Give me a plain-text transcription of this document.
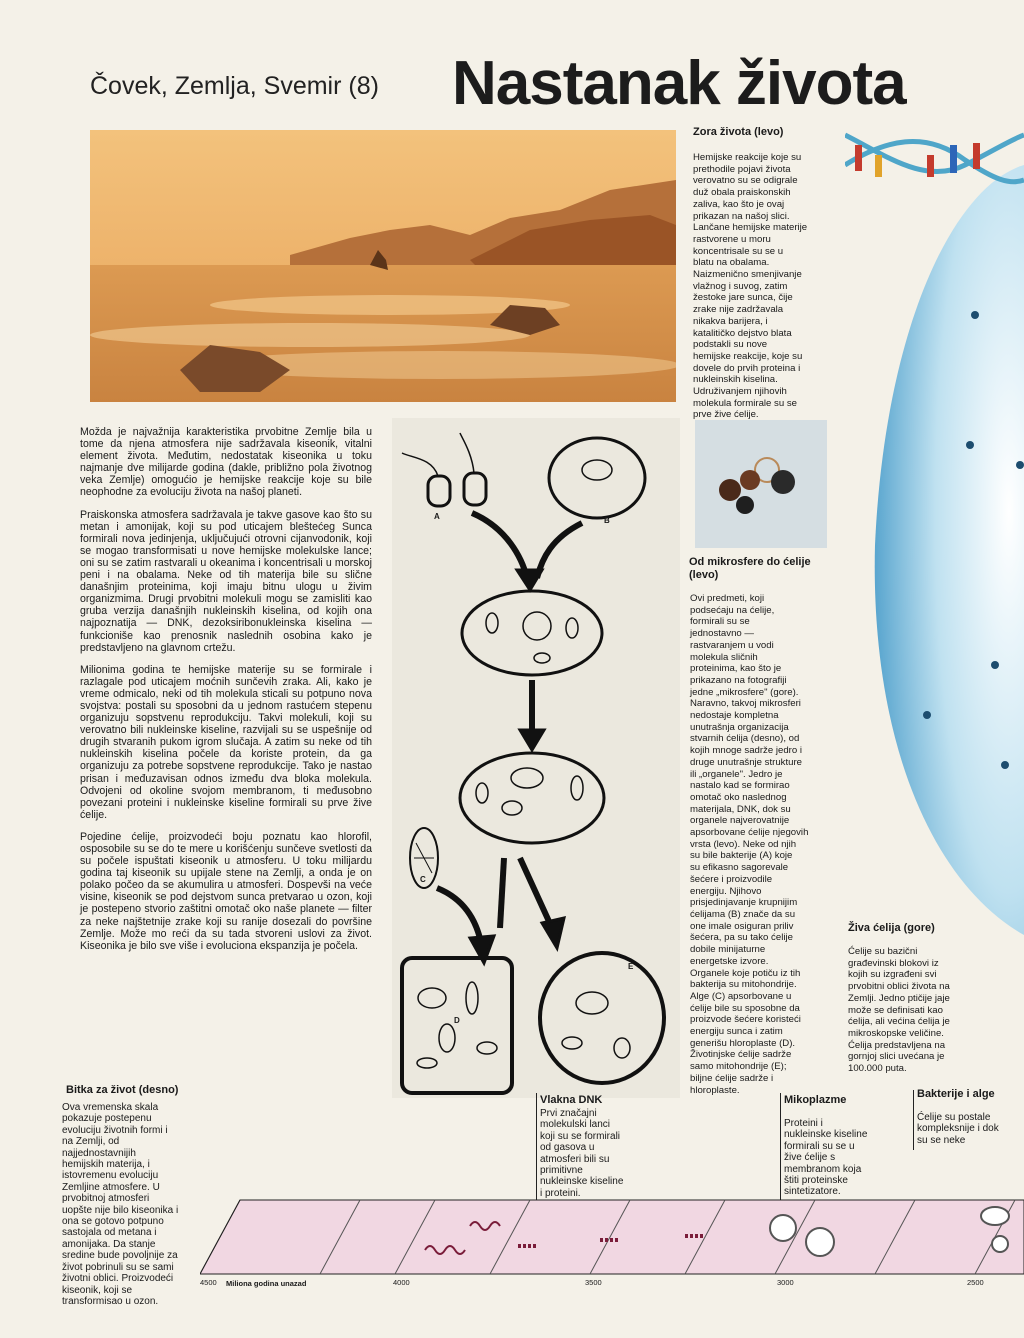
Čovek, Zemlja, Svemir (8) Nastanak života
Zora života (levo)
Hemijske reakcije koje su
prethodile pojavi života
verovatno su se odigrale
duž obala praiskonskih
zaliva, kao što je ovaj
prikazan na našoj slici.
Lančane hemijske materije
rastvorene u moru
koncentrisale su se u
blatu na obalama.
Naizmenično smenjivanje
vlažnog i suvog, zatim
žestoke jare sunca, čije
zrake nije zadržavala
nikakva barijera, i
katalitičko dejstvo blata
podstakli su nove
hemijske reakcije, koje su
dovele do prvih proteina i
nukleinskih kiselina.
Udruživanjem njihovih
molekula formirale su se
prve žive ćelije.

Možda je najvažnija karakteristika prvobitne Zemlje bila u tome da njena atmosfera nije sadržavala kiseonik, vitalni element života. Međutim, nedostatak kiseonika u toku najmanje dve milijarde godina (dakle, približno pola životnog veka Zemlje) omogućio je hemijske reakcije koje su bile neophodne za evoluciju života na našoj planeti.

Praiskonska atmosfera sadržavala je takve gasove kao što su metan i amonijak, koji su pod uticajem bleštećeg Sunca formirali nova jedinjenja, uključujući otrovni cijanvodonik, koji se mogao transformisati u nove hemijske molekulske lance; oni su se zatim rastvarali u okeanima i koncentrisali u morskoj peni i na obalama. Neke od tih materija bile su slične današnjim proteinima, koji imaju bitnu ulogu u živim organizmima. Drugi prvobitni molekuli mogu se zamisliti kao gruba verzija današnjih nukleinskih kiselina, od kojih ona najpoznatija — DNK, dezoksiribonukleinska kiselina — funkcioniše kao prenosnik naslednih osobina kako je predstavljeno na glavnom crtežu.

Milionima godina te hemijske materije su se formirale i razlagale pod uticajem moćnih sunčevih zraka. Ali, kako je vreme odmicalo, neki od tih molekula sticali su potpuno nova svojstva: postali su sposobni da u jednom rastućem stepenu organizuju sopstvenu reprodukciju. Takvi molekuli, koji su verovatno bili nukleinske kiseline, razvijali su se uspešnije od drugih stvaranih pukom igrom slučaja. A zatim su neke od tih nukleinskih kiselina počele da koriste protein, da ga organizuju za potrebe sopstvene reprodukcije. Tako je nastao prisan i međuzavisan odnos između dva bloka molekula. Odvojeni od okoline svojom membranom, ti međusobno povezani proteini i nukleinske kiseline formirali su prve žive ćelije.

Pojedine ćelije, proizvodeći boju poznatu kao hlorofil, osposobile su se do te mere u korišćenju sunčeve svetlosti da su počele ispuštati kiseonik u atmosferu. U toku milijardu godina taj kiseonik su upijale stene na Zemlji, a onda je on polako počeo da se akumulira u atmosferi. Dospevši na veće visine, kiseonik se pod dejstvom sunca pretvarao u ozon, koji je postepeno stvorio zaštitni omotač oko naše planete — filter za neke najštetnije zrake koji su ranije dosezali do površine Zemlje. Može mo reći da su tada stvoreni uslovi za život. Kiseonika je bilo sve više i evoluciona ekspanzija je počela.

A	B
C
D
E
Od mikrosfere do ćelije
(levo)
Ovi predmeti, koji
podsećaju na ćelije,
formirali su se
jednostavno —
rastvaranjem u vodi
molekula sličnih
proteinima, kao što je
prikazano na fotografiji
jedne „mikrosfere" (gore).
Naravno, takvoj mikrosferi
nedostaje kompletna
unutrašnja organizacija
stvarnih ćelija (desno), od
kojih mnoge sadrže jedro i
druge unutrašnje strukture
ili „organele". Jedro je
nastalo kad se formirao
omotač oko naslednog
materijala, DNK, dok su
organele najverovatnije
apsorbovane ćelije njegovih
vrsta (levo). Neke od njih
su bile bakterije (A) koje
su efikasno sagorevale
šećere i proizvodile
energiju. Njihovo
prisjedinjavanje krupnijim
ćelijama (B) znače da su
one imale osiguran priliv
šećera, pa su tako ćelije
dobile minijaturne
energetske izvore.
Organele koje potiču iz tih
bakterija su mitohondrije.
Alge (C) apsorbovane u
ćelije bile su sposobne da
proizvode šećere koristeći
energiju sunca i zatim
generišu hloroplaste (D).
Životinjske ćelije sadrže
samo mitohondrije (E);
biljne ćelije sadrže i
hloroplaste.
Živa ćelija (gore)
Ćelije su bazični
građevinski blokovi iz
kojih su izgrađeni svi
prvobitni oblici života na
Zemlji. Jedno ptičije jaje
može se definisati kao
ćelija, ali većina ćelija je
mikroskopske veličine.
Ćelija predstavljena na
gornjoj slici uvećana je
100.000 puta.
Bitka za život (desno)
Ova vremenska skala
pokazuje postepenu
evoluciju životnih formi i
na Zemlji, od
najjednostavnijih
hemijskih materija, i
istovremenu evoluciju
Zemljine atmosfere. U
prvobitnoj atmosferi
uopšte nije bilo kiseonika i
ona se gotovo potpuno
sastojala od metana i
amonijaka. Da stanje
sredine bude povoljnije za
život pobrinuli su se sami
životni oblici. Proizvodeći
kiseonik, koji se
transformisao u ozon.
Vlakna DNK
Prvi značajni
molekulski lanci
koji su se formirali
od gasova u
atmosferi bili su
primitivne
nukleinske kiseline
i proteini.
Mikoplazme
Proteini i
nukleinske kiseline
formirali su se u
žive ćelije s
membranom koja
štiti proteinske
sintetizatore.
Bakterije i alge
Ćelije su postale
kompleksnije i dok
su se neke
4500 Miliona godina unazad	4000	3500	3000	2500
